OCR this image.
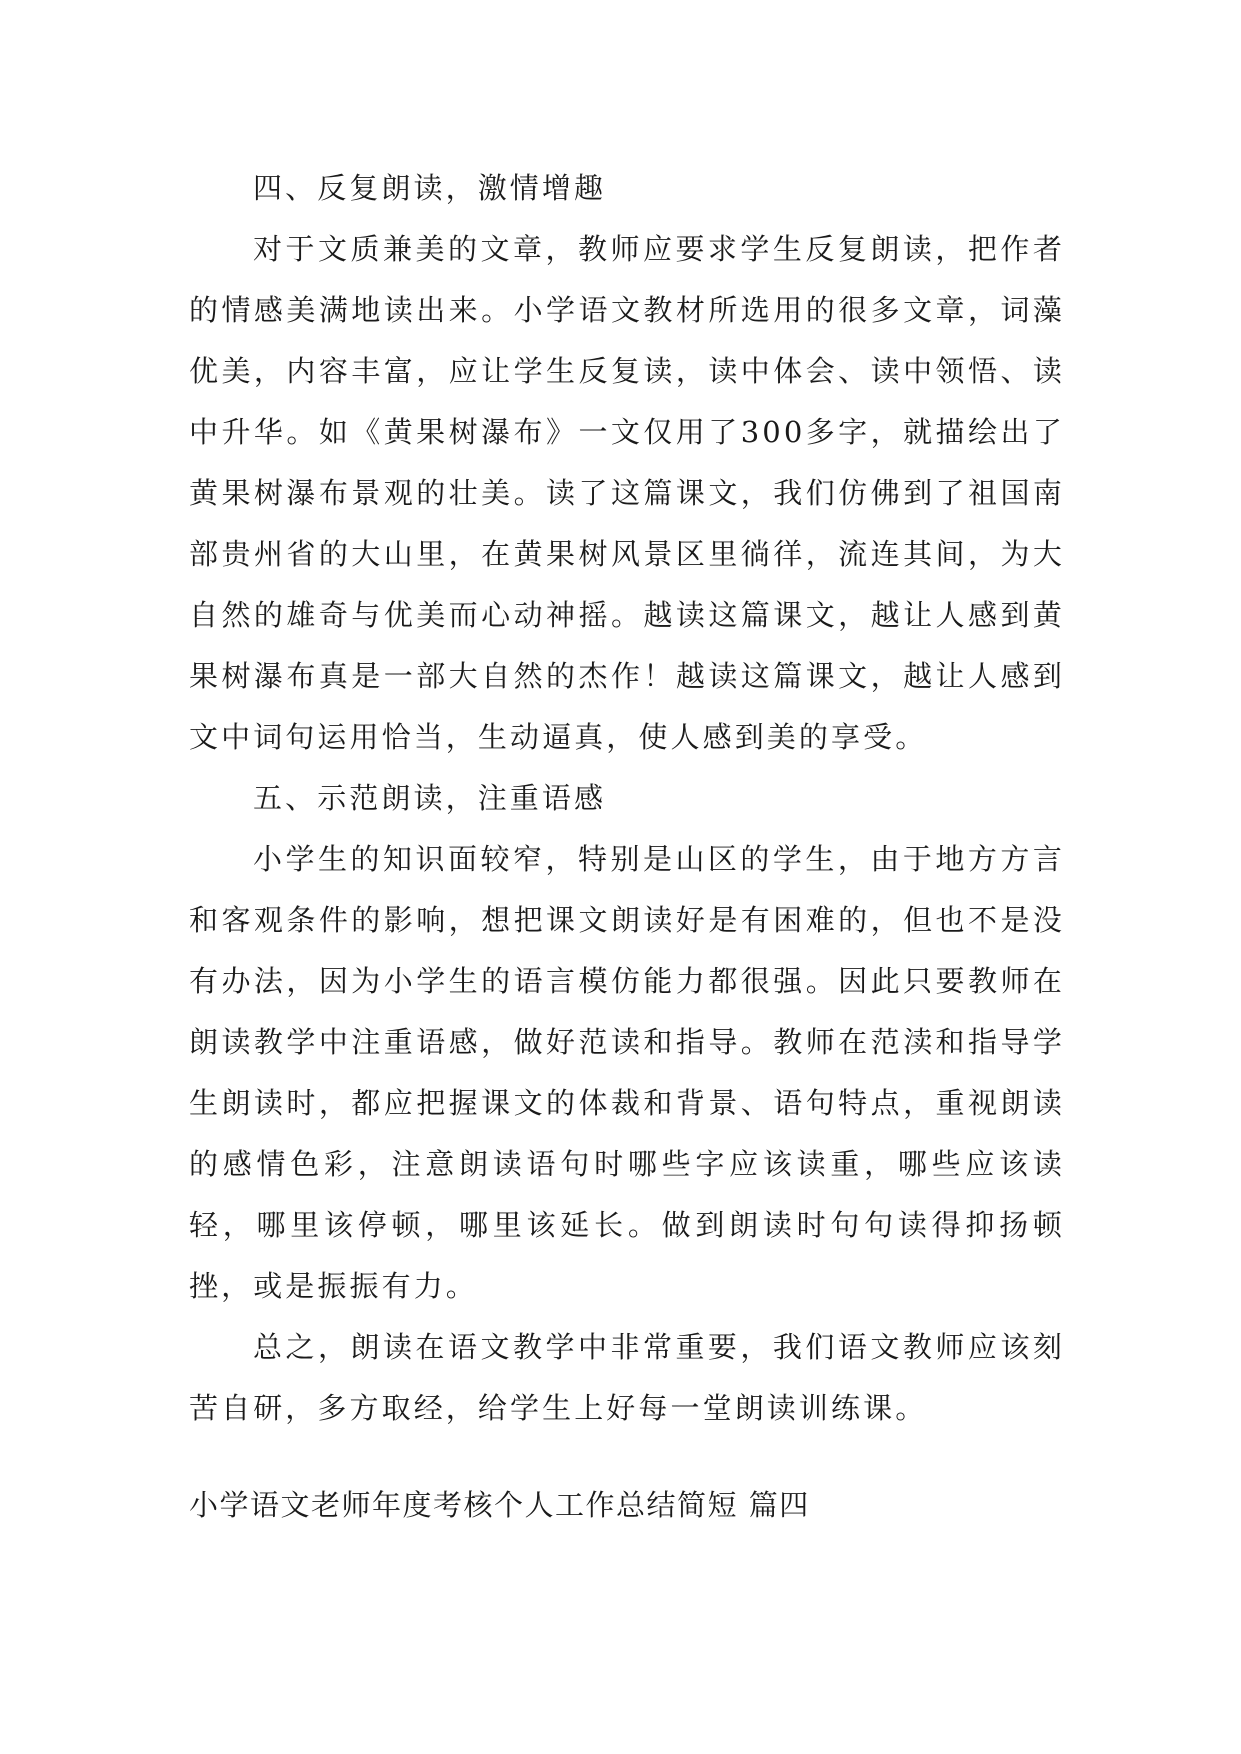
四、反复朗读，激情增趣

对于文质兼美的文章，教师应要求学生反复朗读，把作者的情感美满地读出来。小学语文教材所选用的很多文章，词藻优美，内容丰富，应让学生反复读，读中体会、读中领悟、读中升华。如《黄果树瀑布》一文仅用了300多字，就描绘出了黄果树瀑布景观的壮美。读了这篇课文，我们仿佛到了祖国南部贵州省的大山里，在黄果树风景区里徜徉，流连其间，为大自然的雄奇与优美而心动神摇。越读这篇课文，越让人感到黄果树瀑布真是一部大自然的杰作！越读这篇课文，越让人感到文中词句运用恰当，生动逼真，使人感到美的享受。

五、示范朗读，注重语感

小学生的知识面较窄，特别是山区的学生，由于地方方言和客观条件的影响，想把课文朗读好是有困难的，但也不是没有办法，因为小学生的语言模仿能力都很强。因此只要教师在朗读教学中注重语感，做好范读和指导。教师在范渎和指导学生朗读时，都应把握课文的体裁和背景、语句特点，重视朗读的感情色彩，注意朗读语句时哪些字应该读重，哪些应该读轻，哪里该停顿，哪里该延长。做到朗读时句句读得抑扬顿挫，或是振振有力。

总之，朗读在语文教学中非常重要，我们语文教师应该刻苦自研，多方取经，给学生上好每一堂朗读训练课。

小学语文老师年度考核个人工作总结简短 篇四
